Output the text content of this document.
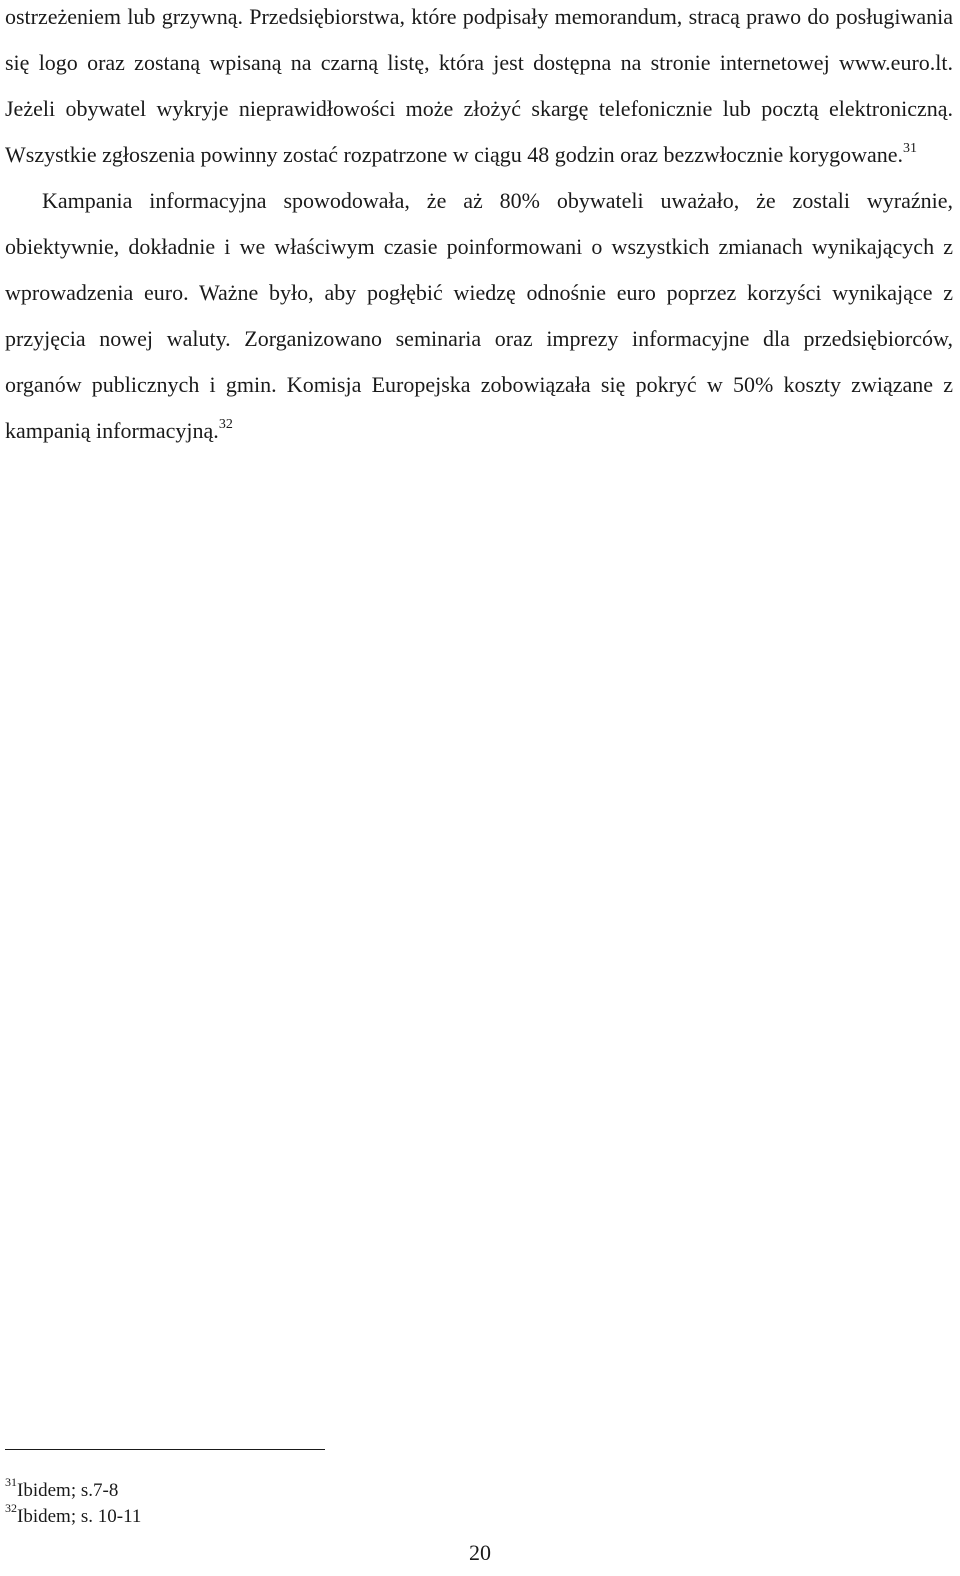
ostrzeżeniem lub grzywną. Przedsiębiorstwa, które podpisały memorandum, stracą prawo do posługiwania się logo oraz zostaną wpisaną na czarną listę, która jest dostępna na stronie internetowej www.euro.lt. Jeżeli obywatel wykryje nieprawidłowości może złożyć skargę telefonicznie lub pocztą elektroniczną. Wszystkie zgłoszenia powinny zostać rozpatrzone w ciągu 48 godzin oraz bezzwłocznie korygowane.$^{31}$

Kampania informacyjna spowodowała, że aż 80% obywateli uważało, że zostali wyraźnie, obiektywnie, dokładnie i we właściwym czasie poinformowani o wszystkich zmianach wynikających z wprowadzenia euro. Ważne było, aby pogłębić wiedzę odnośnie euro poprzez korzyści wynikające z przyjęcia nowej waluty. Zorganizowano seminaria oraz imprezy informacyjne dla przedsiębiorców, organów publicznych i gmin. Komisja Europejska zobowiązała się pokryć w 50% koszty związane z kampanią informacyjną.$^{32}$

$^{31}$Ibidem; s.7-8
$^{32}$Ibidem; s. 10-11
20
